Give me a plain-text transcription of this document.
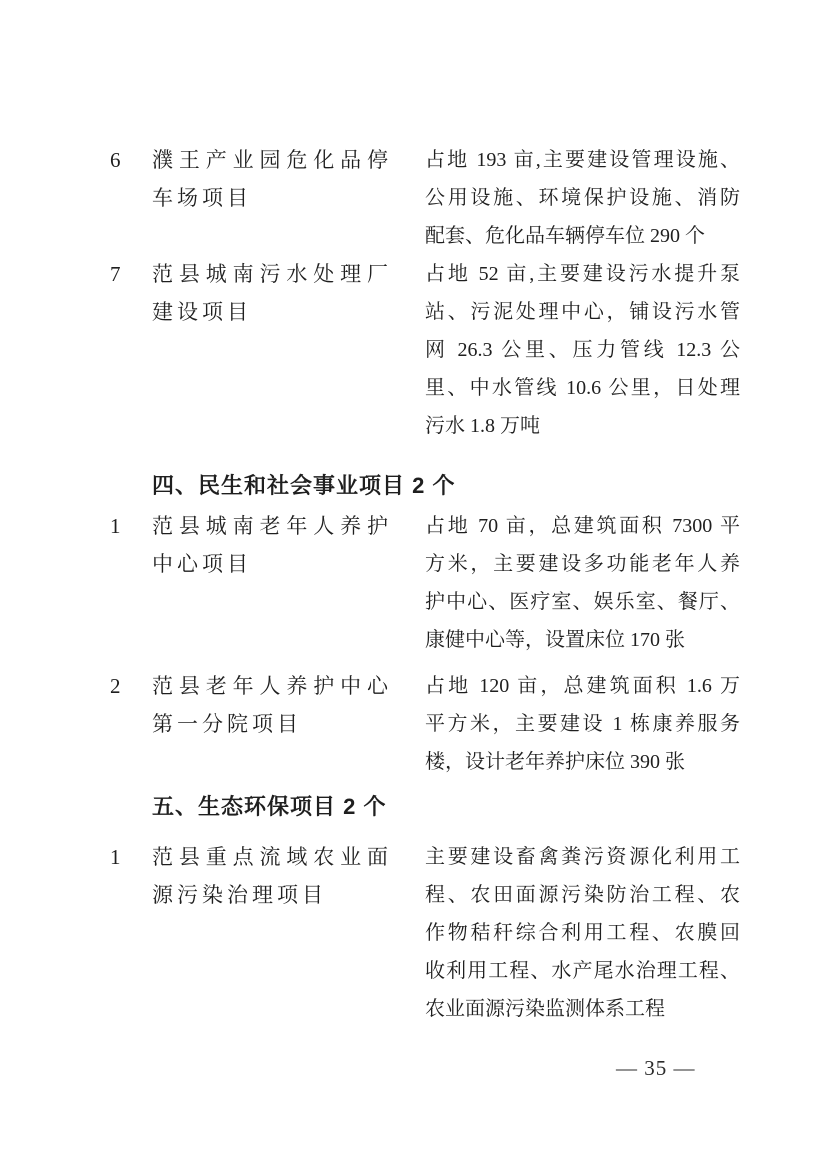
6	濮王产业园危化品停车场项目
占地 193 亩,主要建设管理设施、
公用设施、环境保护设施、消防
配套、危化品车辆停车位 290 个
7	范县城南污水处理厂建设项目
占地 52 亩,主要建设污水提升泵
站、污泥处理中心，铺设污水管
网 26.3 公里、压力管线 12.3 公
里、中水管线 10.6 公里，日处理
污水 1.8 万吨
四、民生和社会事业项目 2 个
1	范县城南老年人养护中心项目
占地 70 亩，总建筑面积 7300 平
方米，主要建设多功能老年人养
护中心、医疗室、娱乐室、餐厅、
康健中心等，设置床位 170 张
2	范县老年人养护中心第一分院项目
占地 120 亩，总建筑面积 1.6 万
平方米，主要建设 1 栋康养服务
楼，设计老年养护床位 390 张
五、生态环保项目 2 个
1	范县重点流域农业面源污染治理项目
主要建设畜禽粪污资源化利用工
程、农田面源污染防治工程、农
作物秸秆综合利用工程、农膜回
收利用工程、水产尾水治理工程、
农业面源污染监测体系工程
— 35 —
